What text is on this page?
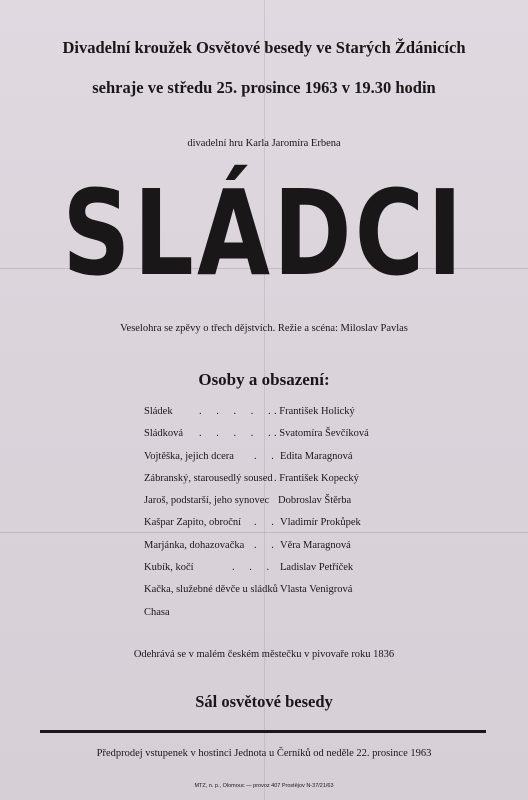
Divadelní kroužek Osvětové besedy ve Starých Ždánicích
sehraje ve středu 25. prosince 1963 v 19.30 hodin
divadelní hru Karla Jaromíra Erbena
SLÁDCI
Veselohra se zpěvy o třech dějstvích. Režie a scéna: Miloslav Pavlas
Osoby a obsazení:
Sládek	. . . . .
. František Holický
Sládková . . . . .
. Svatomíra Ševčíková
Vojtěška, jejich dcera . . Edita Maragnová
Zábranský, starousedlý soused . František Kopecký
Jaroš, podstarší, jeho synovec Dobroslav Štěrba
Kašpar Zapito, obroční . . Vladimír Prokůpek
Marjánka, dohazovačka . . Věra Maragnová
Kubík, kočí	. . . .
Ladislav Petříček
Kačka, služebné děvče u sládků Vlasta Venigrová
Chasa
Odehrává se v malém českém městečku v pivovaře roku 1836
Sál osvětové besedy
Předprodej vstupenek v hostinci Jednota u Černíků od neděle 22. prosince 1963
MTZ, n. p., Olomouc — provoz 407 Prostějov N-37/21/63
